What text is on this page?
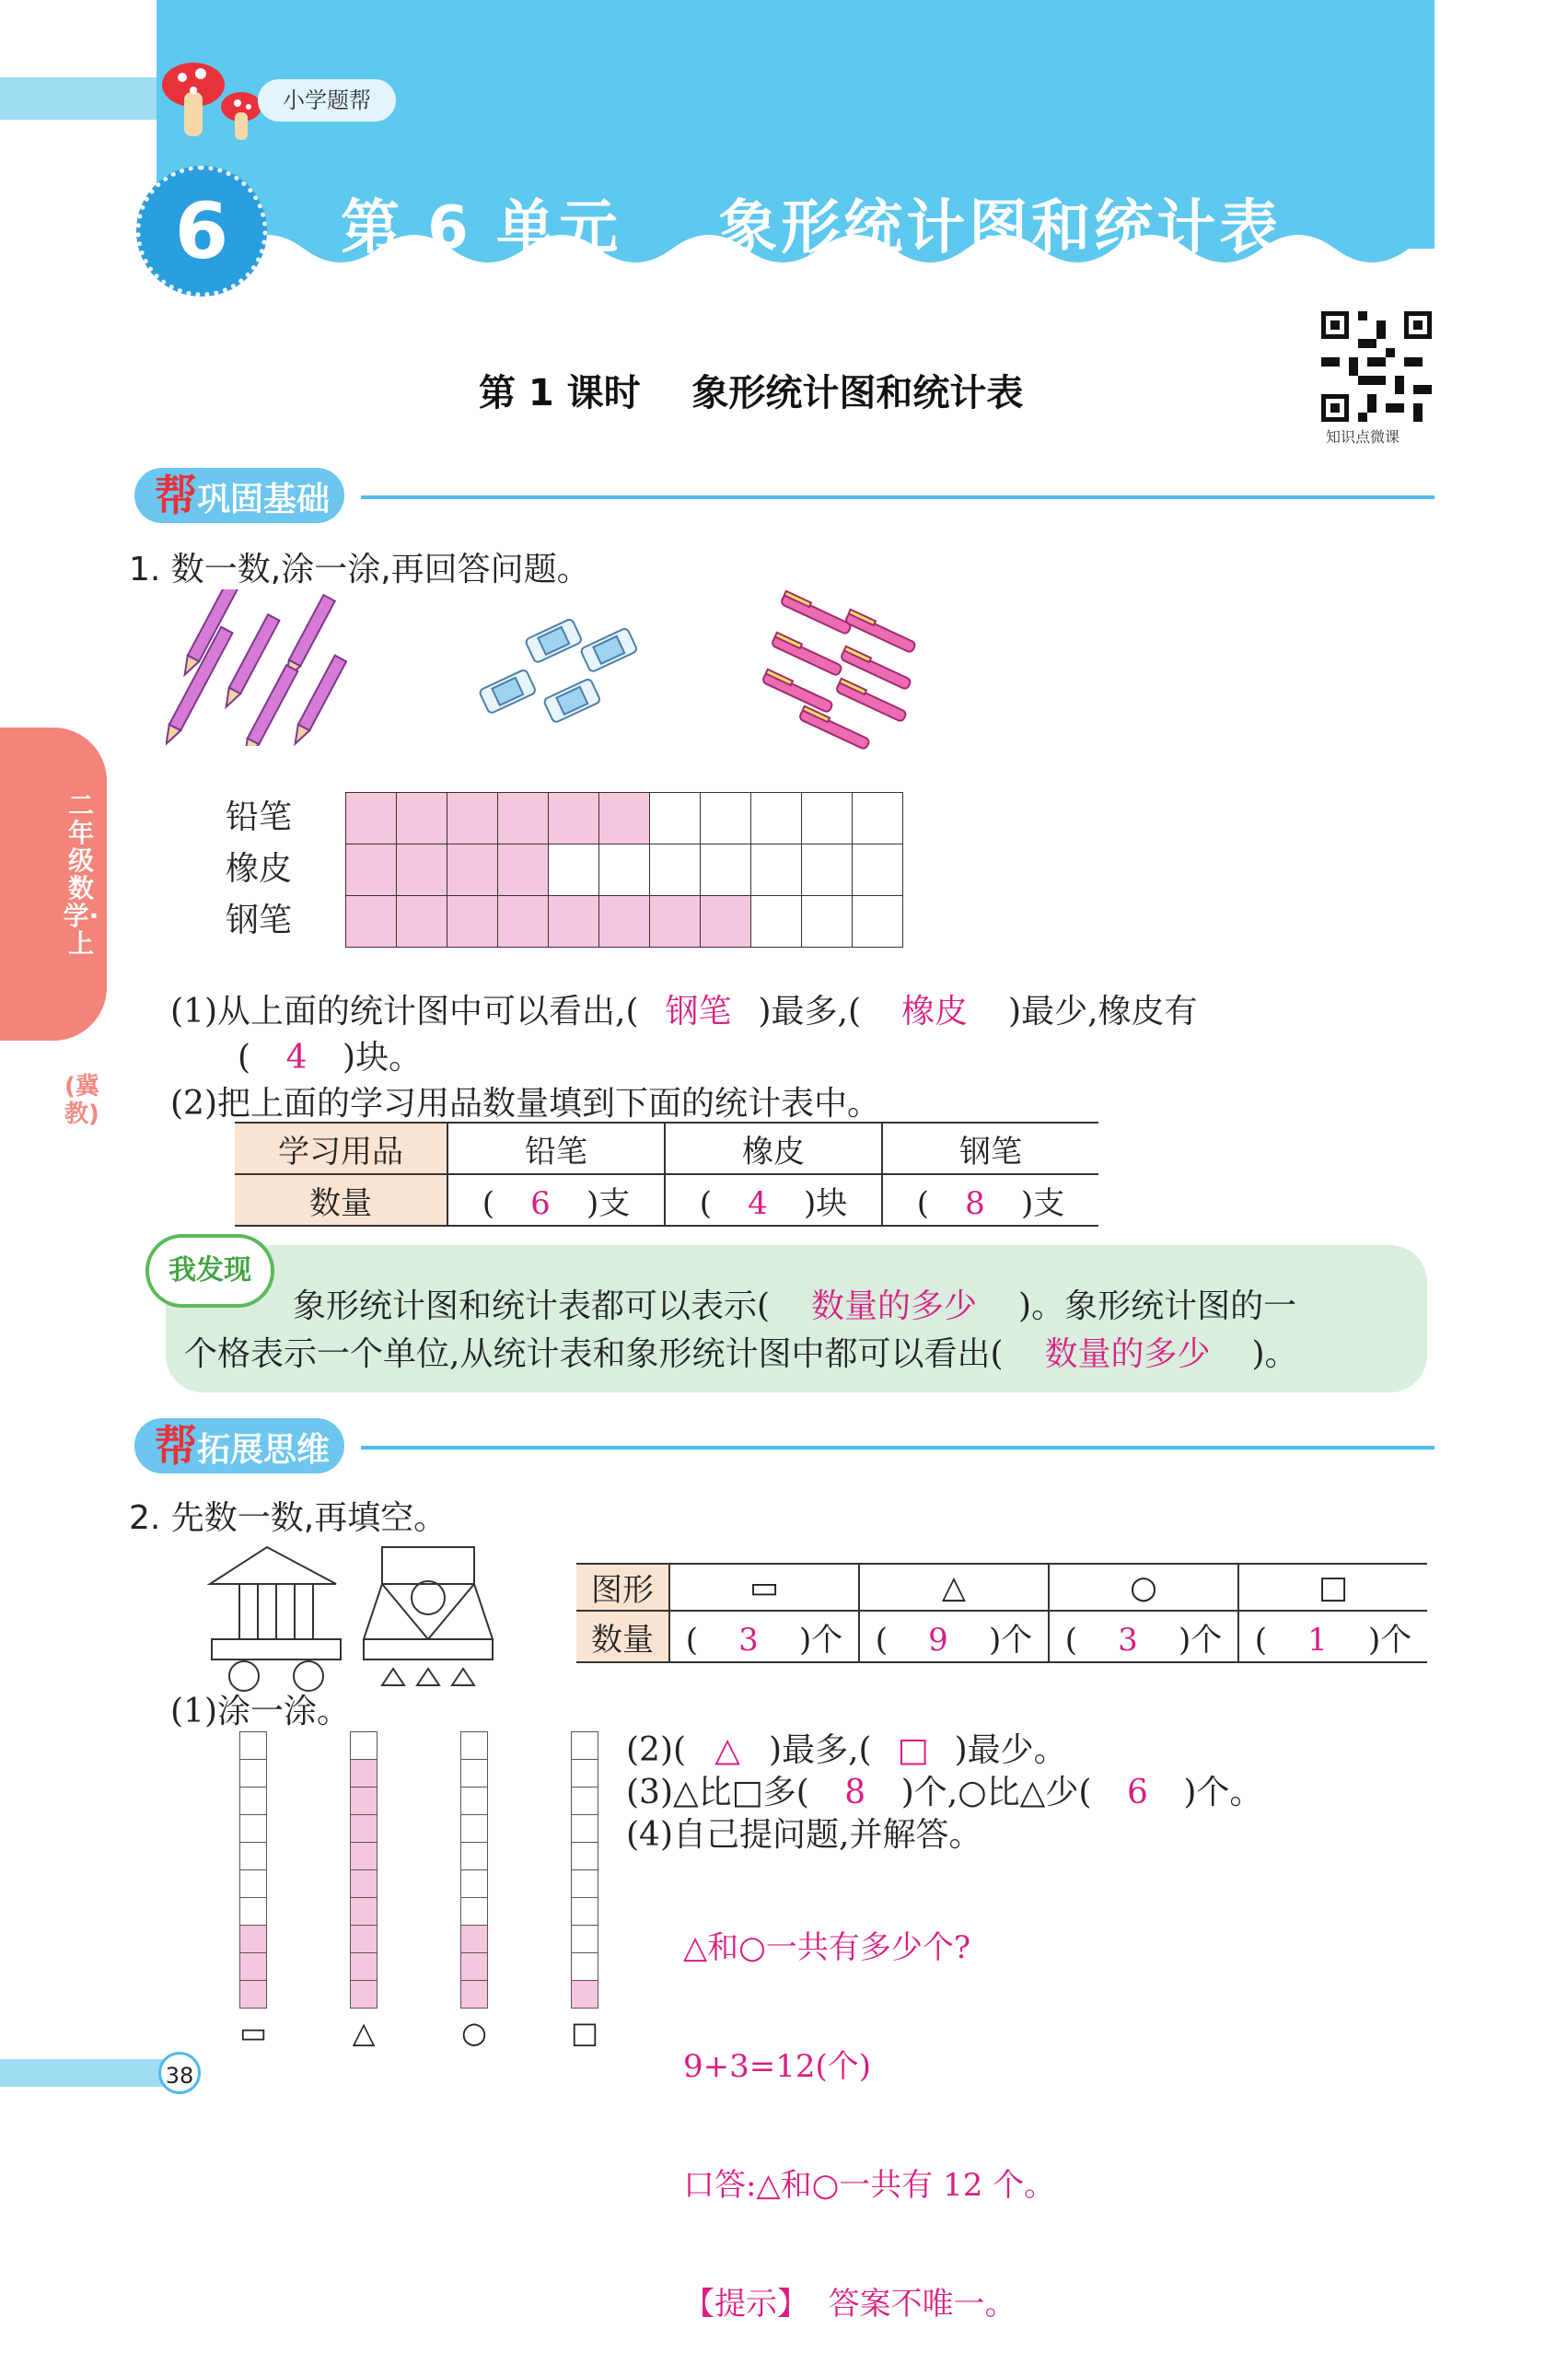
小学题帮
6	第 6 单元    象形统计图和统计表
第 1 课时    象形统计图和统计表
知识点微课
二年级数学·上
(冀教)
帮巩固基础
1. 数一数,涂一涂,再回答问题。
铅笔
橡皮
钢笔
(1)从上面的统计图中可以看出,( 钢笔 )最多,( 橡皮 )最少,橡皮有
( 4 )块。
(2)把上面的学习用品数量填到下面的统计表中。
学习用品	铅笔	橡皮	钢笔
数量	( 6 )支	( 4 )块	( 8 )支
我发现
象形统计图和统计表都可以表示( 数量的多少 )。象形统计图的一
个格表示一个单位,从统计表和象形统计图中都可以看出( 数量的多少 )。
帮拓展思维
2. 先数一数,再填空。
图形	▭	△	○	□
数量	( 3 )个	( 9 )个	( 3 )个	( 1 )个
(1)涂一涂。
▭	△	○	□
(2)( △ )最多,( □ )最少。
(3)△比□多( 8 )个,○比△少( 6 )个。
(4)自己提问题,并解答。

△和○一共有多少个?

9+3=12(个)

口答:△和○一共有 12 个。

【提示】  答案不唯一。

38
